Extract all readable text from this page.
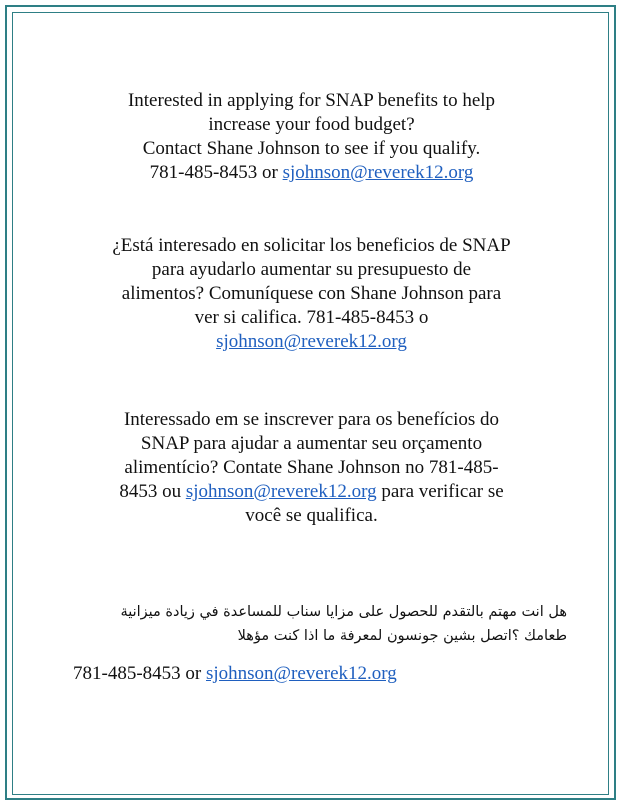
Interested in applying for SNAP benefits to help
increase your food budget?
Contact Shane Johnson to see if you qualify.
781-485-8453 or sjohnson@reverek12.org
¿Está interesado en solicitar los beneficios de SNAP
para ayudarlo aumentar su presupuesto de
alimentos? Comuníquese con Shane Johnson para
ver si califica. 781-485-8453 o
sjohnson@reverek12.org
Interessado em se inscrever para os benefícios do
SNAP para ajudar a aumentar seu orçamento
alimentício? Contate Shane Johnson no 781-485-
8453 ou sjohnson@reverek12.org para verificar se
você se qualifica.
هل انت مهتم بالتقدم للحصول على مزايا سناب للمساعدة في زيادة ميزانية
طعامك ؟اتصل بشين جونسون لمعرفة ما اذا كنت مؤهلا
781-485-8453 or sjohnson@reverek12.org
